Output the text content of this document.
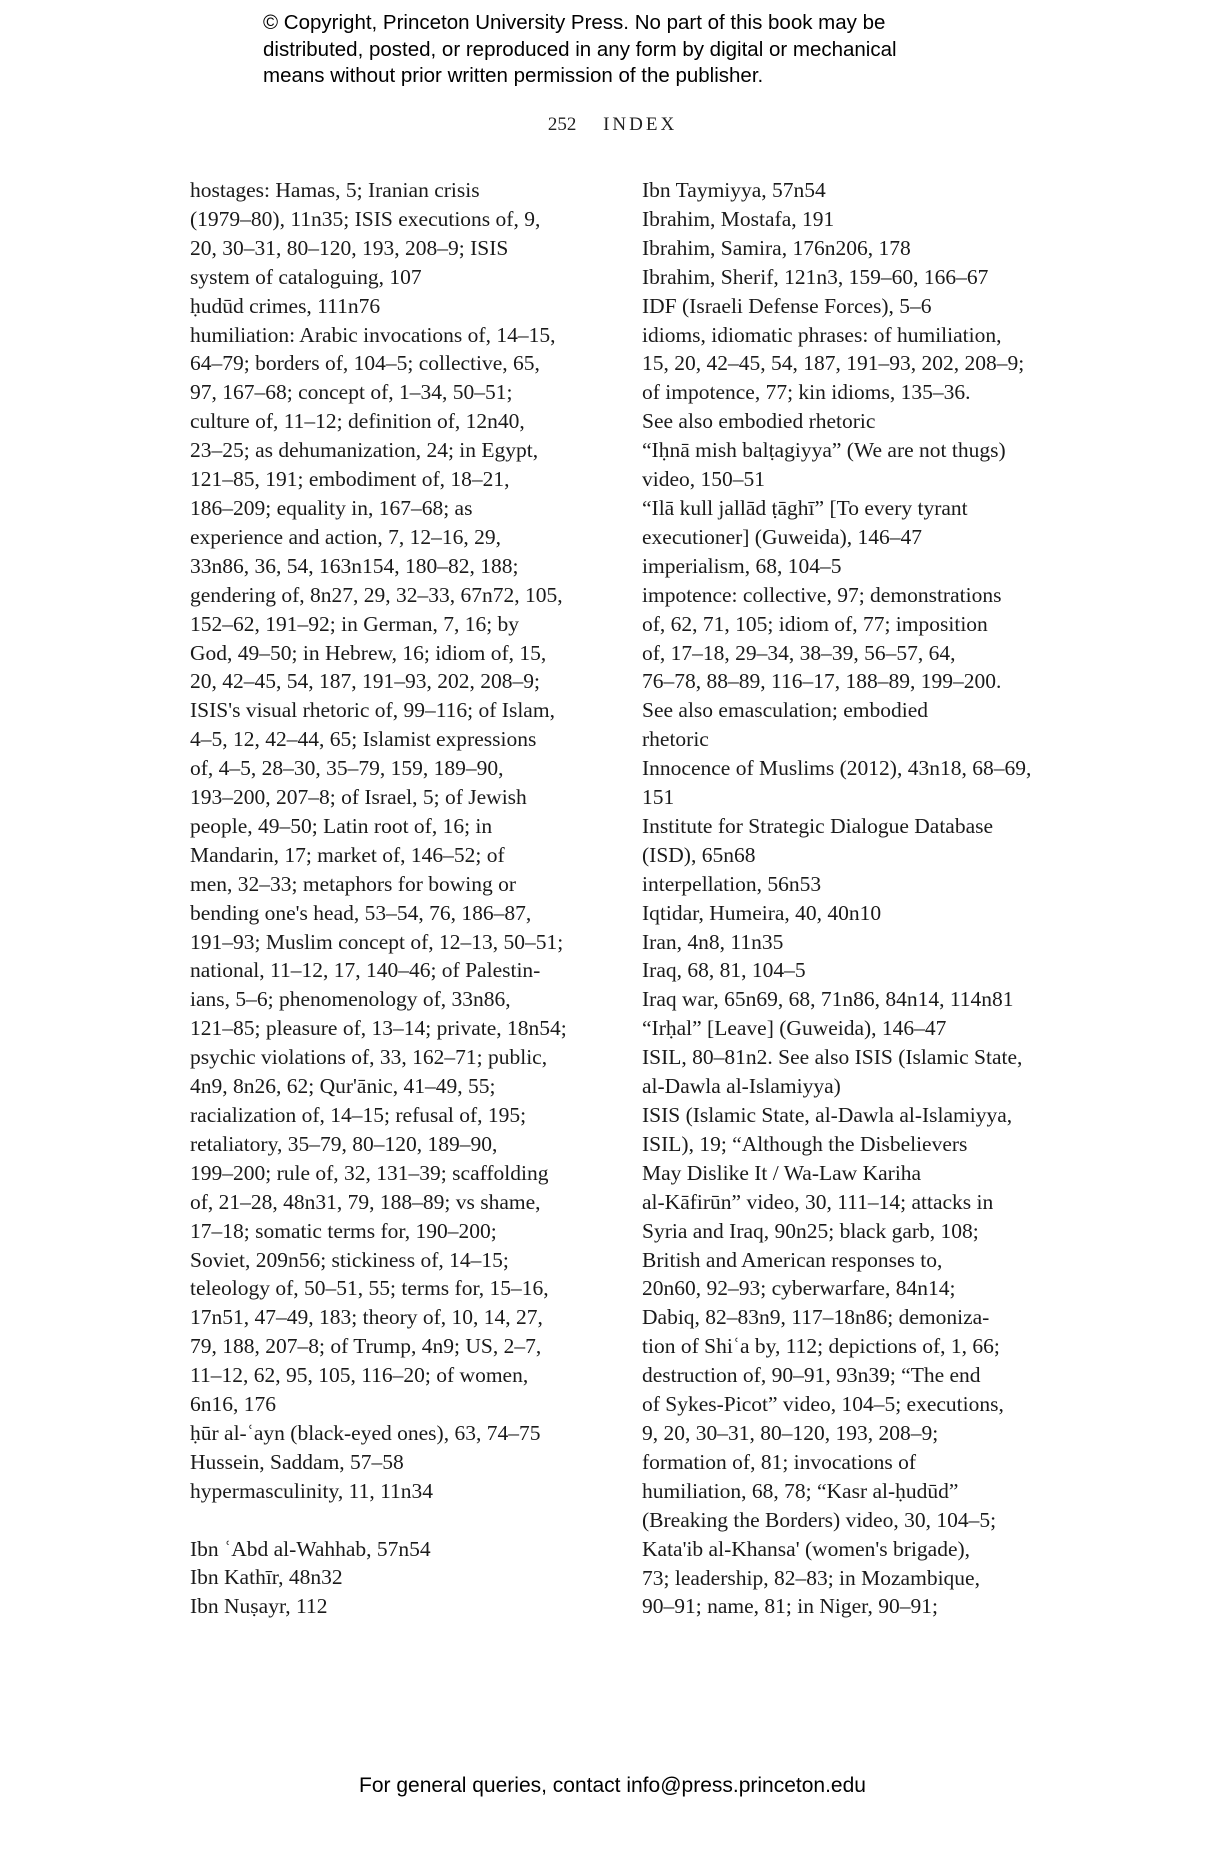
© Copyright, Princeton University Press. No part of this book may be
distributed, posted, or reproduced in any form by digital or mechanical
means without prior written permission of the publisher.
252 INDEX
hostages: Hamas, 5; Iranian crisis
(1979–80), 11n35; ISIS executions of, 9,
20, 30–31, 80–120, 193, 208–9; ISIS
system of cataloguing, 107
ḥudūd crimes, 111n76
humiliation: Arabic invocations of, 14–15,
64–79; borders of, 104–5; collective, 65,
97, 167–68; concept of, 1–34, 50–51;
culture of, 11–12; definition of, 12n40,
23–25; as dehumanization, 24; in Egypt,
121–85, 191; embodiment of, 18–21,
186–209; equality in, 167–68; as
experience and action, 7, 12–16, 29,
33n86, 36, 54, 163n154, 180–82, 188;
gendering of, 8n27, 29, 32–33, 67n72, 105,
152–62, 191–92; in German, 7, 16; by
God, 49–50; in Hebrew, 16; idiom of, 15,
20, 42–45, 54, 187, 191–93, 202, 208–9;
ISIS's visual rhetoric of, 99–116; of Islam,
4–5, 12, 42–44, 65; Islamist expressions
of, 4–5, 28–30, 35–79, 159, 189–90,
193–200, 207–8; of Israel, 5; of Jewish
people, 49–50; Latin root of, 16; in
Mandarin, 17; market of, 146–52; of
men, 32–33; metaphors for bowing or
bending one's head, 53–54, 76, 186–87,
191–93; Muslim concept of, 12–13, 50–51;
national, 11–12, 17, 140–46; of Palestin-
ians, 5–6; phenomenology of, 33n86,
121–85; pleasure of, 13–14; private, 18n54;
psychic violations of, 33, 162–71; public,
4n9, 8n26, 62; Qur'ānic, 41–49, 55;
racialization of, 14–15; refusal of, 195;
retaliatory, 35–79, 80–120, 189–90,
199–200; rule of, 32, 131–39; scaffolding
of, 21–28, 48n31, 79, 188–89; vs shame,
17–18; somatic terms for, 190–200;
Soviet, 209n56; stickiness of, 14–15;
teleology of, 50–51, 55; terms for, 15–16,
17n51, 47–49, 183; theory of, 10, 14, 27,
79, 188, 207–8; of Trump, 4n9; US, 2–7,
11–12, 62, 95, 105, 116–20; of women,
6n16, 176
ḥūr al-ʿayn (black-eyed ones), 63, 74–75
Hussein, Saddam, 57–58
hypermasculinity, 11, 11n34
Ibn ʿAbd al-Wahhab, 57n54
Ibn Kathīr, 48n32
Ibn Nuṣayr, 112
Ibn Taymiyya, 57n54
Ibrahim, Mostafa, 191
Ibrahim, Samira, 176n206, 178
Ibrahim, Sherif, 121n3, 159–60, 166–67
IDF (Israeli Defense Forces), 5–6
idioms, idiomatic phrases: of humiliation,
15, 20, 42–45, 54, 187, 191–93, 202, 208–9;
of impotence, 77; kin idioms, 135–36.
See also embodied rhetoric
“Iḥnā mish balṭagiyya” (We are not thugs)
video, 150–51
“Ilā kull jallād ṭāghī” [To every tyrant
executioner] (Guweida), 146–47
imperialism, 68, 104–5
impotence: collective, 97; demonstrations
of, 62, 71, 105; idiom of, 77; imposition
of, 17–18, 29–34, 38–39, 56–57, 64,
76–78, 88–89, 116–17, 188–89, 199–200.
See also emasculation; embodied
rhetoric
Innocence of Muslims (2012), 43n18, 68–69,
151
Institute for Strategic Dialogue Database
(ISD), 65n68
interpellation, 56n53
Iqtidar, Humeira, 40, 40n10
Iran, 4n8, 11n35
Iraq, 68, 81, 104–5
Iraq war, 65n69, 68, 71n86, 84n14, 114n81
“Irḥal” [Leave] (Guweida), 146–47
ISIL, 80–81n2. See also ISIS (Islamic State,
al-Dawla al-Islamiyya)
ISIS (Islamic State, al-Dawla al-Islamiyya,
ISIL), 19; “Although the Disbelievers
May Dislike It / Wa-Law Kariha
al-Kāfirūn” video, 30, 111–14; attacks in
Syria and Iraq, 90n25; black garb, 108;
British and American responses to,
20n60, 92–93; cyberwarfare, 84n14;
Dabiq, 82–83n9, 117–18n86; demoniza-
tion of Shiʿa by, 112; depictions of, 1, 66;
destruction of, 90–91, 93n39; “The end
of Sykes-Picot” video, 104–5; executions,
9, 20, 30–31, 80–120, 193, 208–9;
formation of, 81; invocations of
humiliation, 68, 78; “Kasr al-ḥudūd”
(Breaking the Borders) video, 30, 104–5;
Kata'ib al-Khansa' (women's brigade),
73; leadership, 82–83; in Mozambique,
90–91; name, 81; in Niger, 90–91;
For general queries, contact info@press.princeton.edu
